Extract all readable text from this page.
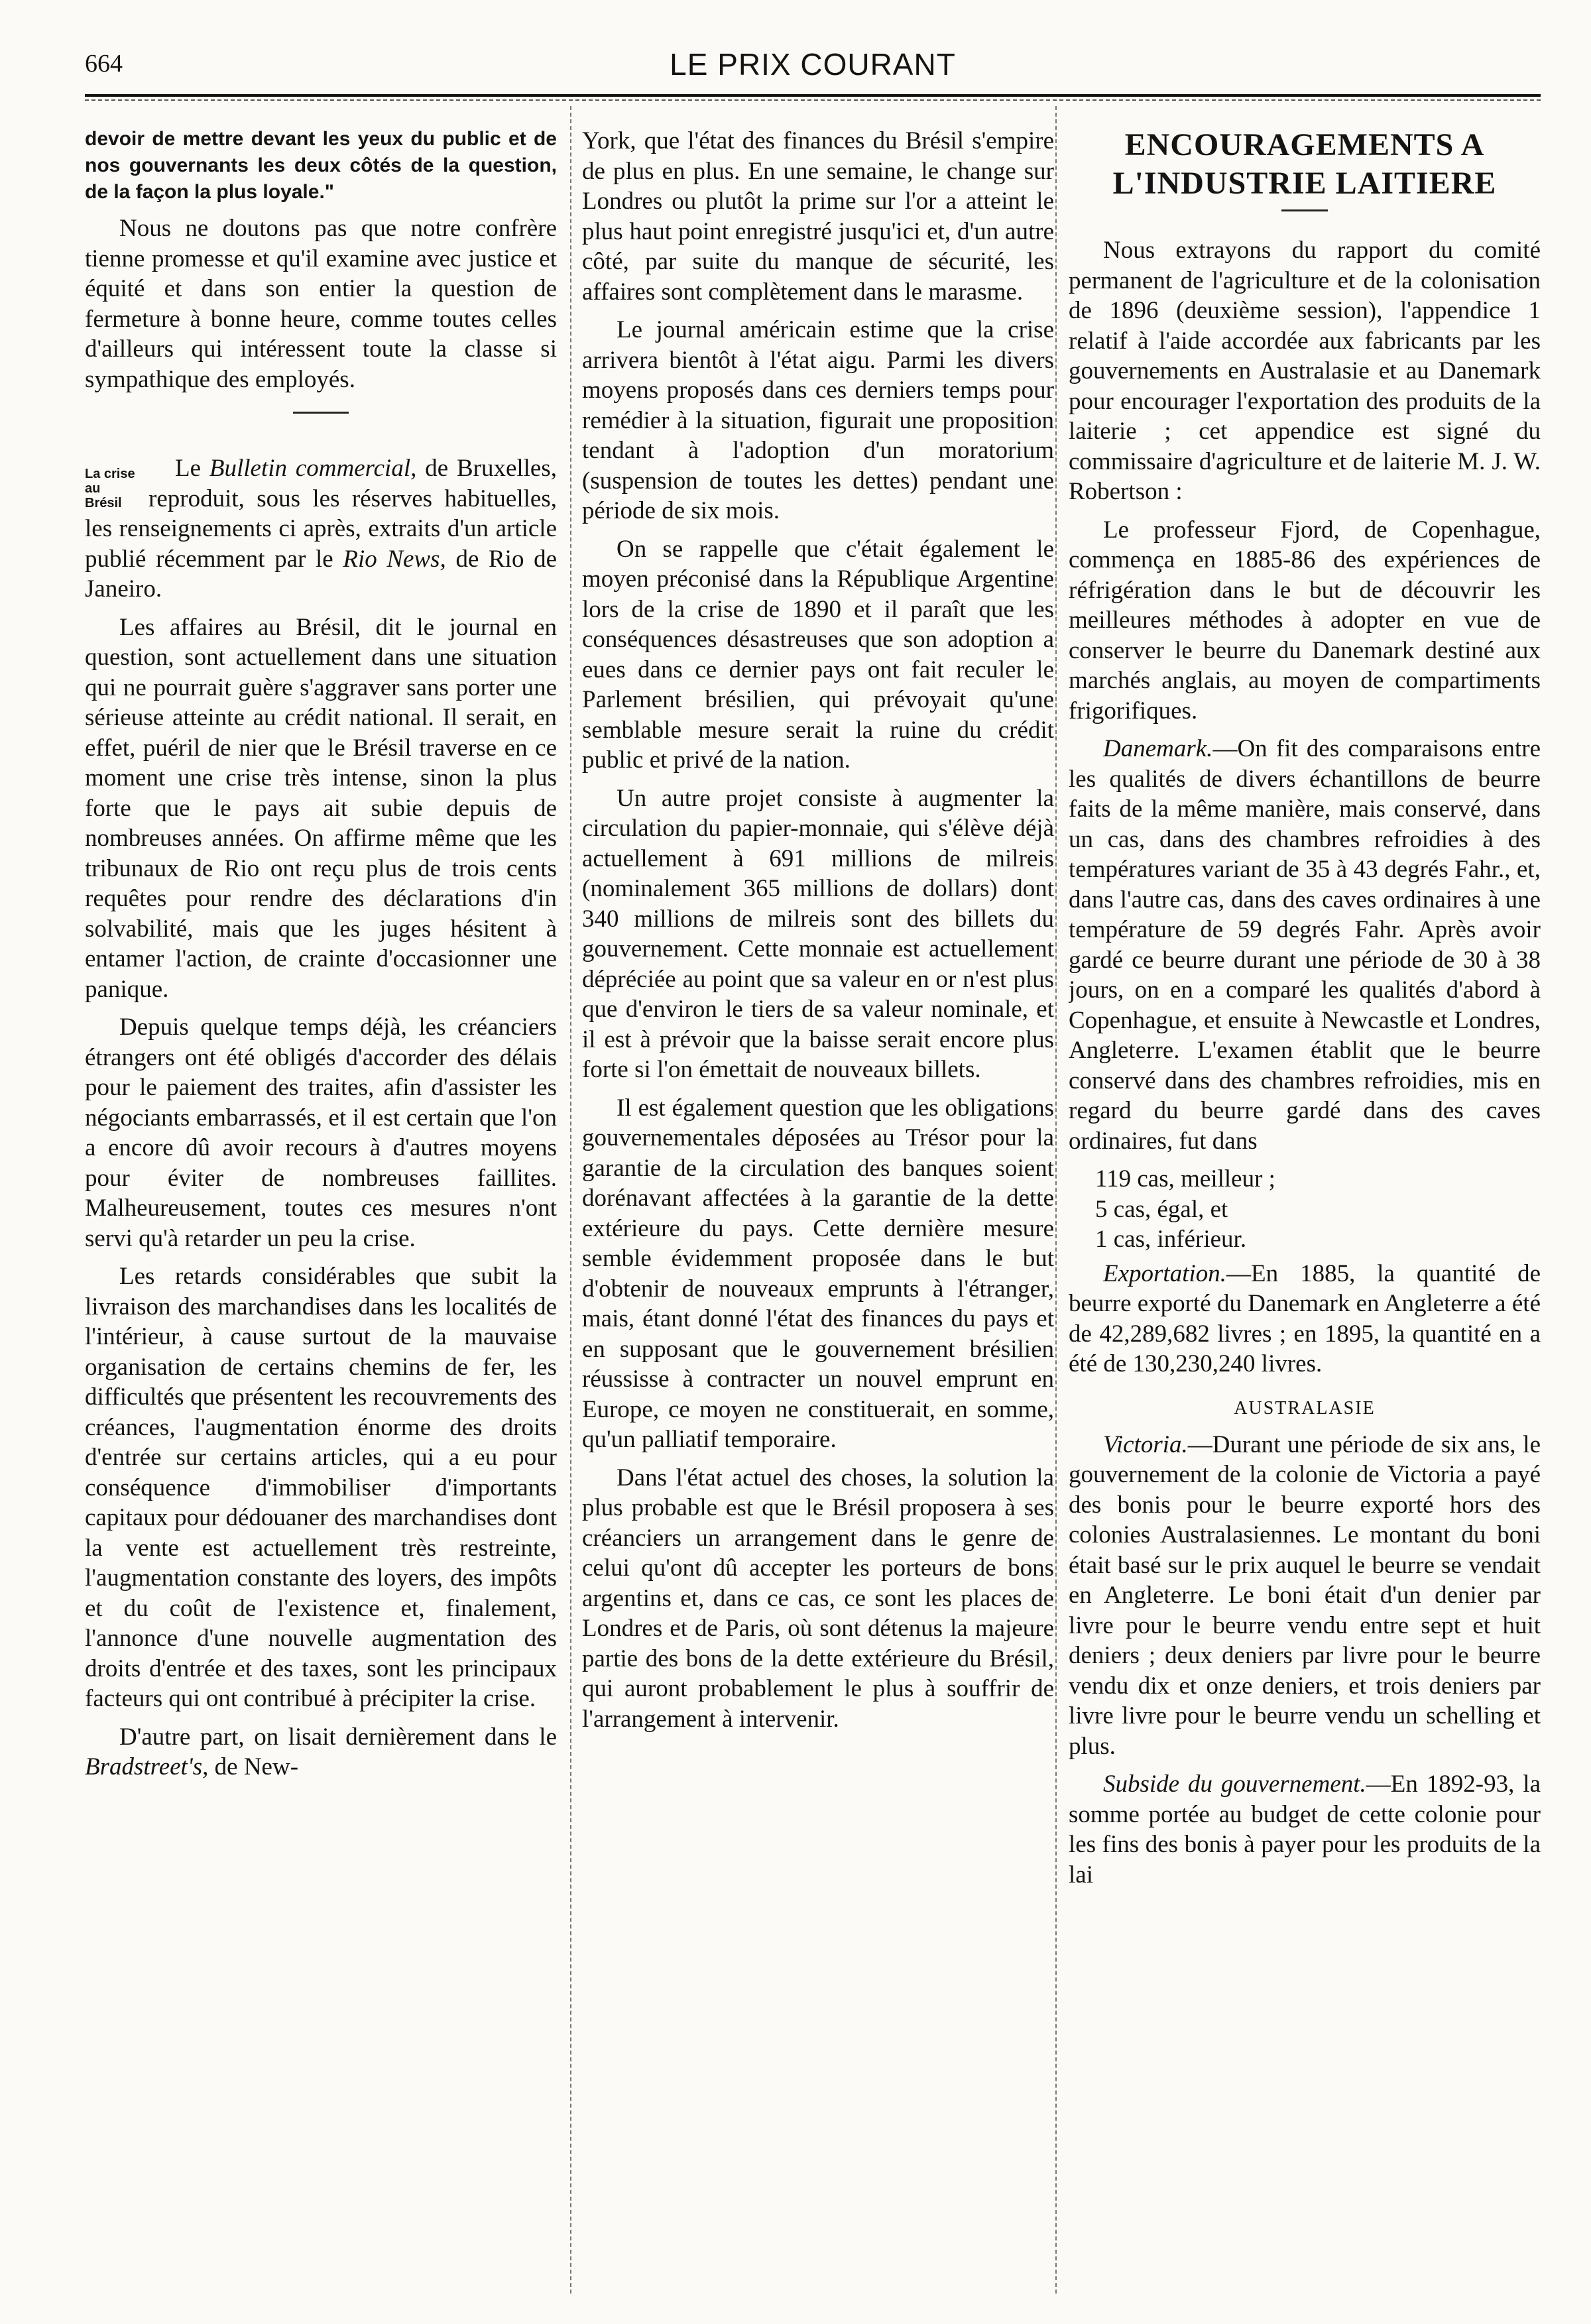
664	LE PRIX COURANT

devoir de mettre devant les yeux du public et de nos gouvernants les deux côtés de la question, de la façon la plus loyale."

Nous ne doutons pas que notre confrère tienne promesse et qu'il examine avec justice et équité et dans son entier la question de fermeture à bonne heure, comme toutes celles d'ailleurs qui intéressent toute la classe si sympathique des employés.

La crise au Brésil

Le Bulletin commercial, de Bruxelles, reproduit, sous les réserves habituelles, les renseignements ci après, extraits d'un article publié récemment par le Rio News, de Rio de Janeiro.

Les affaires au Brésil, dit le journal en question, sont actuellement dans une situation qui ne pourrait guère s'aggraver sans porter une sérieuse atteinte au crédit national. Il serait, en effet, puéril de nier que le Brésil traverse en ce moment une crise très intense, sinon la plus forte que le pays ait subie depuis de nombreuses années. On affirme même que les tribunaux de Rio ont reçu plus de trois cents requêtes pour rendre des déclarations d'in solvabilité, mais que les juges hésitent à entamer l'action, de crainte d'occasionner une panique.

Depuis quelque temps déjà, les créanciers étrangers ont été obligés d'accorder des délais pour le paiement des traites, afin d'assister les négociants embarrassés, et il est certain que l'on a encore dû avoir recours à d'autres moyens pour éviter de nombreuses faillites. Malheureusement, toutes ces mesures n'ont servi qu'à retarder un peu la crise.

Les retards considérables que subit la livraison des marchandises dans les localités de l'intérieur, à cause surtout de la mauvaise organisation de certains chemins de fer, les difficultés que présentent les recouvrements des créances, l'augmentation énorme des droits d'entrée sur certains articles, qui a eu pour conséquence d'immobiliser d'importants capitaux pour dédouaner des marchandises dont la vente est actuellement très restreinte, l'augmentation constante des loyers, des impôts et du coût de l'existence et, finalement, l'annonce d'une nouvelle augmentation des droits d'entrée et des taxes, sont les principaux facteurs qui ont contribué à précipiter la crise.

D'autre part, on lisait dernièrement dans le Bradstreet's, de New-

York, que l'état des finances du Brésil s'empire de plus en plus. En une semaine, le change sur Londres ou plutôt la prime sur l'or a atteint le plus haut point enregistré jusqu'ici et, d'un autre côté, par suite du manque de sécurité, les affaires sont complètement dans le marasme.

Le journal américain estime que la crise arrivera bientôt à l'état aigu. Parmi les divers moyens proposés dans ces derniers temps pour remédier à la situation, figurait une proposition tendant à l'adoption d'un moratorium (suspension de toutes les dettes) pendant une période de six mois.

On se rappelle que c'était également le moyen préconisé dans la République Argentine lors de la crise de 1890 et il paraît que les conséquences désastreuses que son adoption a eues dans ce dernier pays ont fait reculer le Parlement brésilien, qui prévoyait qu'une semblable mesure serait la ruine du crédit public et privé de la nation.

Un autre projet consiste à augmenter la circulation du papier-monnaie, qui s'élève déjà actuellement à 691 millions de milreis (nominalement 365 millions de dollars) dont 340 millions de milreis sont des billets du gouvernement. Cette monnaie est actuellement dépréciée au point que sa valeur en or n'est plus que d'environ le tiers de sa valeur nominale, et il est à prévoir que la baisse serait encore plus forte si l'on émettait de nouveaux billets.

Il est également question que les obligations gouvernementales déposées au Trésor pour la garantie de la circulation des banques soient dorénavant affectées à la garantie de la dette extérieure du pays. Cette dernière mesure semble évidemment proposée dans le but d'obtenir de nouveaux emprunts à l'étranger, mais, étant donné l'état des finances du pays et en supposant que le gouvernement brésilien réussisse à contracter un nouvel emprunt en Europe, ce moyen ne constituerait, en somme, qu'un palliatif temporaire.

Dans l'état actuel des choses, la solution la plus probable est que le Brésil proposera à ses créanciers un arrangement dans le genre de celui qu'ont dû accepter les porteurs de bons argentins et, dans ce cas, ce sont les places de Londres et de Paris, où sont détenus la majeure partie des bons de la dette extérieure du Brésil, qui auront probablement le plus à souffrir de l'arrangement à intervenir.

ENCOURAGEMENTS A L'INDUSTRIE LAITIERE

Nous extrayons du rapport du comité permanent de l'agriculture et de la colonisation de 1896 (deuxième session), l'appendice 1 relatif à l'aide accordée aux fabricants par les gouvernements en Australasie et au Danemark pour encourager l'exportation des produits de la laiterie ; cet appendice est signé du commissaire d'agriculture et de laiterie M. J. W. Robertson :

Le professeur Fjord, de Copenhague, commença en 1885-86 des expériences de réfrigération dans le but de découvrir les meilleures méthodes à adopter en vue de conserver le beurre du Danemark destiné aux marchés anglais, au moyen de compartiments frigorifiques.

Danemark.—On fit des comparaisons entre les qualités de divers échantillons de beurre faits de la même manière, mais conservé, dans un cas, dans des chambres refroidies à des températures variant de 35 à 43 degrés Fahr., et, dans l'autre cas, dans des caves ordinaires à une température de 59 degrés Fahr. Après avoir gardé ce beurre durant une période de 30 à 38 jours, on en a comparé les qualités d'abord à Copenhague, et ensuite à Newcastle et Londres, Angleterre. L'examen établit que le beurre conservé dans des chambres refroidies, mis en regard du beurre gardé dans des caves ordinaires, fut dans

119 cas, meilleur ;
5 cas, égal, et
1 cas, inférieur.

Exportation.—En 1885, la quantité de beurre exporté du Danemark en Angleterre a été de 42,289,682 livres ; en 1895, la quantité en a été de 130,230,240 livres.

AUSTRALASIE

Victoria.—Durant une période de six ans, le gouvernement de la colonie de Victoria a payé des bonis pour le beurre exporté hors des colonies Australasiennes. Le montant du boni était basé sur le prix auquel le beurre se vendait en Angleterre. Le boni était d'un denier par livre pour le beurre vendu entre sept et huit deniers ; deux deniers par livre pour le beurre vendu dix et onze deniers, et trois deniers par livre livre pour le beurre vendu un schelling et plus.

Subside du gouvernement.—En 1892-93, la somme portée au budget de cette colonie pour les fins des bonis à payer pour les produits de la lai
